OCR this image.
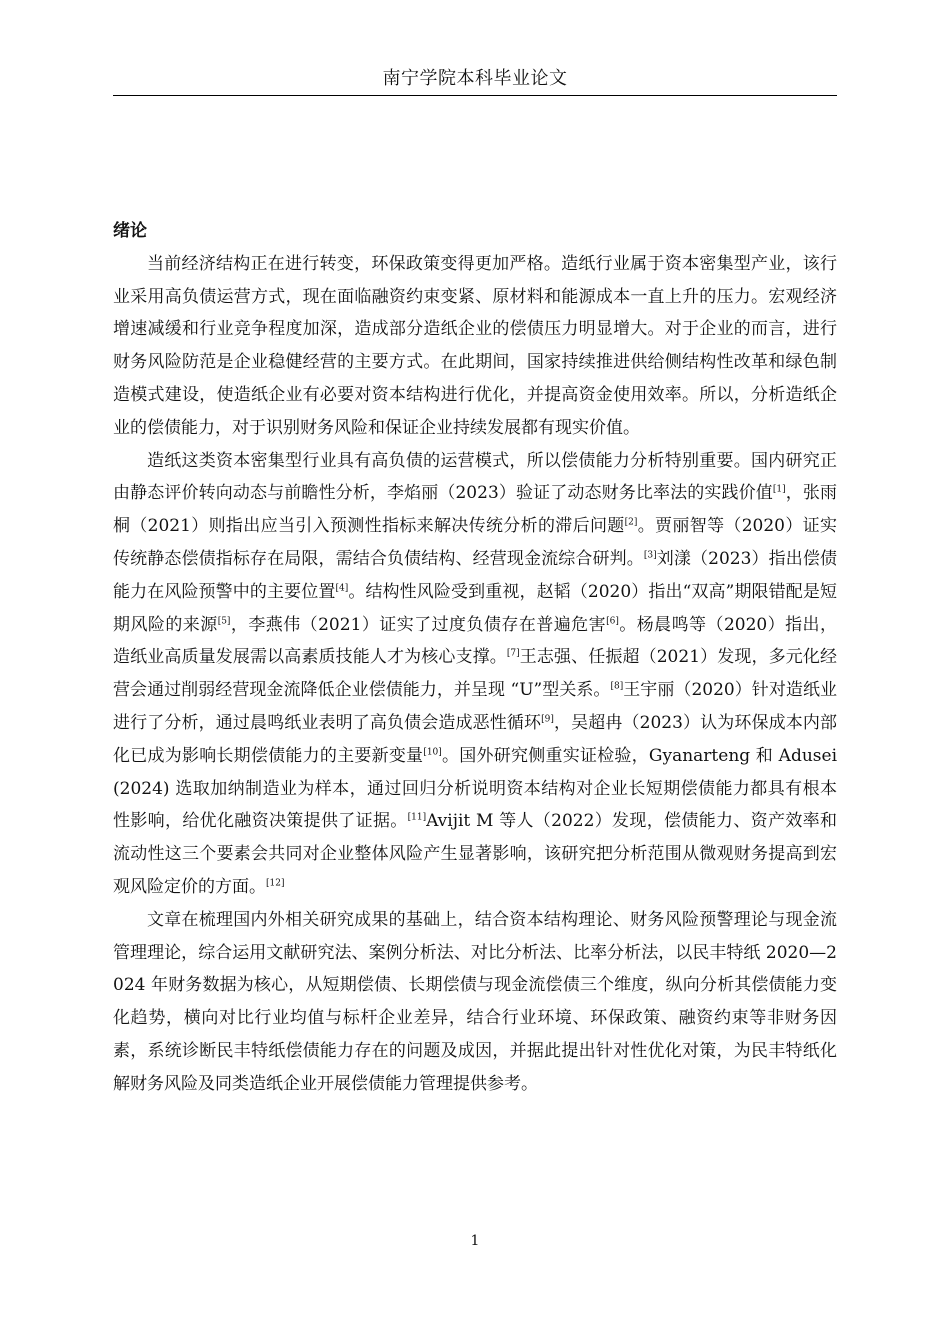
南宁学院本科毕业论文
绪论

当前经济结构正在进行转变，环保政策变得更加严格。造纸行业属于资本密集型产业，该行业采用高负债运营方式，现在面临融资约束变紧、原材料和能源成本一直上升的压力。宏观经济增速减缓和行业竞争程度加深，造成部分造纸企业的偿债压力明显增大。对于企业的而言，进行财务风险防范是企业稳健经营的主要方式。在此期间，国家持续推进供给侧结构性改革和绿色制造模式建设，使造纸企业有必要对资本结构进行优化，并提高资金使用效率。所以，分析造纸企业的偿债能力，对于识别财务风险和保证企业持续发展都有现实价值。

造纸这类资本密集型行业具有高负债的运营模式，所以偿债能力分析特别重要。国内研究正由静态评价转向动态与前瞻性分析，李焰丽（2023）验证了动态财务比率法的实践价值[1]，张雨桐（2021）则指出应当引入预测性指标来解决传统分析的滞后问题[2]。贾丽智等（2020）证实传统静态偿债指标存在局限，需结合负债结构、经营现金流综合研判。[3]刘漾（2023）指出偿债能力在风险预警中的主要位置[4]。结构性风险受到重视，赵韬（2020）指出“双高”期限错配是短期风险的来源[5]，李燕伟（2021）证实了过度负债存在普遍危害[6]。杨晨鸣等（2020）指出，造纸业高质量发展需以高素质技能人才为核心支撑。[7]王志强、任振超（2021）发现，多元化经营会通过削弱经营现金流降低企业偿债能力，并呈现 “U”型关系。[8]王宇丽（2020）针对造纸业进行了分析，通过晨鸣纸业表明了高负债会造成恶性循环[9]，吴超冉（2023）认为环保成本内部化已成为影响长期偿债能力的主要新变量[10]。国外研究侧重实证检验，Gyanarteng 和 Adusei(2024) 选取加纳制造业为样本，通过回归分析说明资本结构对企业长短期偿债能力都具有根本性影响，给优化融资决策提供了证据。[11]Avijit M 等人（2022）发现，偿债能力、资产效率和流动性这三个要素会共同对企业整体风险产生显著影响，该研究把分析范围从微观财务提高到宏观风险定价的方面。[12]

文章在梳理国内外相关研究成果的基础上，结合资本结构理论、财务风险预警理论与现金流管理理论，综合运用文献研究法、案例分析法、对比分析法、比率分析法，以民丰特纸 2020—2024 年财务数据为核心，从短期偿债、长期偿债与现金流偿债三个维度，纵向分析其偿债能力变化趋势，横向对比行业均值与标杆企业差异，结合行业环境、环保政策、融资约束等非财务因素，系统诊断民丰特纸偿债能力存在的问题及成因，并据此提出针对性优化对策，为民丰特纸化解财务风险及同类造纸企业开展偿债能力管理提供参考。

1
